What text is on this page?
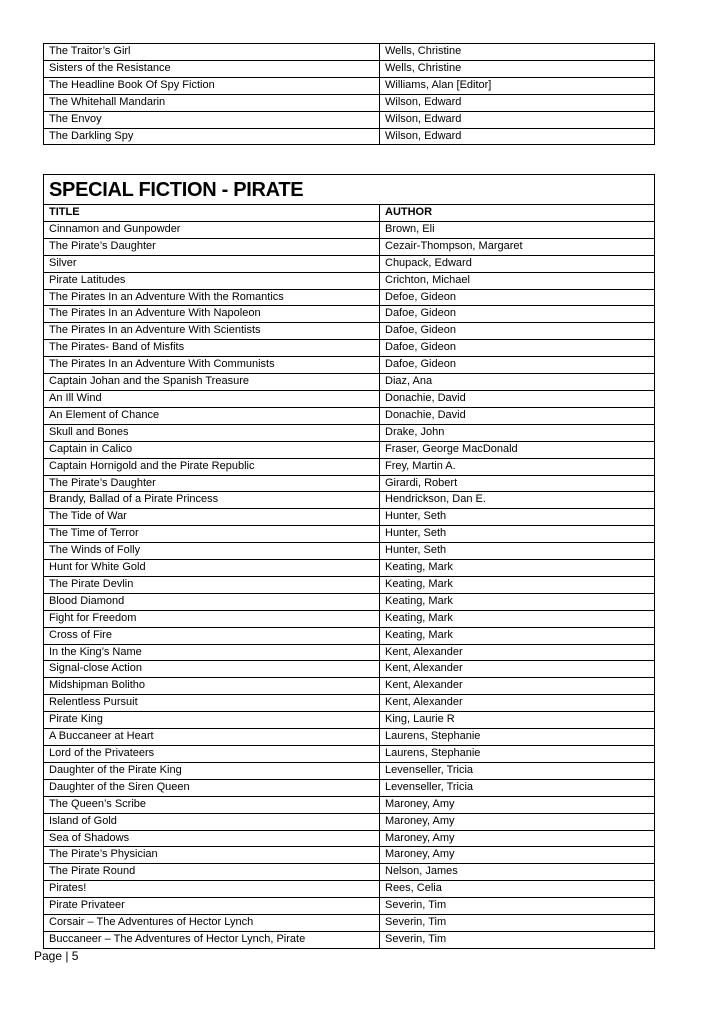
The Traitor’s Girl	Wells, Christine
Sisters of the Resistance	Wells, Christine
The Headline Book Of Spy Fiction	Williams, Alan [Editor]
The Whitehall Mandarin	Wilson, Edward
The Envoy	Wilson, Edward
The Darkling Spy	Wilson, Edward
SPECIAL FICTION - PIRATE	
TITLE	AUTHOR
Cinnamon and Gunpowder	Brown, Eli
The Pirate’s Daughter	Cezair-Thompson, Margaret
Silver	Chupack, Edward
Pirate Latitudes	Crichton, Michael
The Pirates In an Adventure With the Romantics	Defoe, Gideon
The Pirates In an Adventure With Napoleon	Dafoe, Gideon
The Pirates In an Adventure With Scientists	Dafoe, Gideon
The Pirates- Band of Misfits	Dafoe, Gideon
The Pirates In an Adventure With Communists	Dafoe, Gideon
Captain Johan and the Spanish Treasure	Diaz, Ana
An Ill Wind	Donachie, David
An Element of Chance	Donachie, David
Skull and Bones	Drake, John
Captain in Calico	Fraser, George MacDonald
Captain Hornigold and the Pirate Republic	Frey, Martin A.
The Pirate’s Daughter	Girardi, Robert
Brandy, Ballad of a Pirate Princess	Hendrickson, Dan E.
The Tide of War	Hunter, Seth
The Time of Terror	Hunter, Seth
The Winds of Folly	Hunter, Seth
Hunt for White Gold	Keating, Mark
The Pirate Devlin	Keating, Mark
Blood Diamond	Keating, Mark
Fight for Freedom	Keating, Mark
Cross of Fire	Keating, Mark
In the King’s Name	Kent, Alexander
Signal-close Action	Kent, Alexander
Midshipman Bolitho	Kent, Alexander
Relentless Pursuit	Kent, Alexander
Pirate King	King, Laurie R
A Buccaneer at Heart	Laurens, Stephanie
Lord of the Privateers	Laurens, Stephanie
Daughter of the Pirate King	Levenseller, Tricia
Daughter of the Siren Queen	Levenseller, Tricia
The Queen’s Scribe	Maroney, Amy
Island of Gold	Maroney, Amy
Sea of Shadows	Maroney, Amy
The Pirate’s Physician	Maroney, Amy
The Pirate Round	Nelson, James
Pirates!	Rees, Celia
Pirate Privateer	Severin, Tim
Corsair – The Adventures of Hector Lynch	Severin, Tim
Buccaneer – The Adventures of Hector Lynch, Pirate	Severin, Tim
Page | 5
